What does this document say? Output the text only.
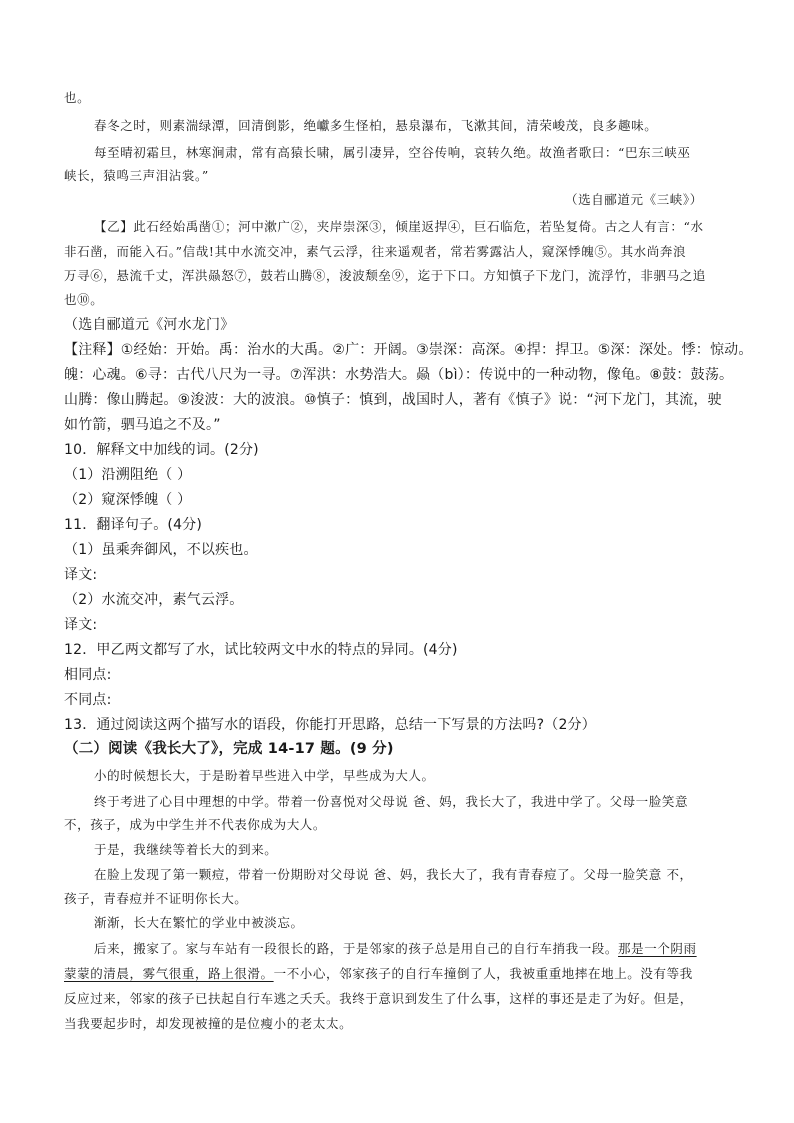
也。
春冬之时，则素湍绿潭，回清倒影，绝巘多生怪柏，悬泉瀑布，飞漱其间，清荣峻茂，良多趣味。
每至晴初霜旦，林寒涧肃，常有高猿长啸，属引凄异，空谷传响，哀转久绝。故渔者歌曰：“巴东三峡巫
峡长，猿鸣三声泪沾裳。”
（选自郦道元《三峡》）
【乙】此石经始禹凿①；河中漱广②，夹岸崇深③，倾崖返捍④，巨石临危，若坠复倚。古之人有言：“水
非石凿，而能入石。”信哉!其中水流交冲，素气云浮，往来遥观者，常若雾露沾人，窥深悸魄⑤。其水尚奔浪
万寻⑥，悬流千丈，浑洪赑怒⑦，鼓若山腾⑧，浚波颓垒⑨，迄于下口。方知慎子下龙门，流浮竹，非驷马之追
也⑩。
（选自郦道元《河水龙门》
【注释】①经始：开始。禹：治水的大禹。②广：开阔。③崇深：高深。④捍：捍卫。⑤深：深处。悸：惊动。
魄：心魂。⑥寻：古代八尺为一寻。⑦浑洪：水势浩大。赑（bì）：传说中的一种动物，像龟。⑧鼓：鼓荡。
山腾：像山腾起。⑨浚波：大的波浪。⑩慎子：慎到，战国时人，著有《慎子》说：“河下龙门，其流，驶
如竹箭，驷马追之不及。”
10．解释文中加线的词。(2分)
（1）沿溯阻绝（ ）
（2）窥深悸魄（ ）
11．翻译句子。(4分)
（1）虽乘奔御风，不以疾也。
译文:
（2）水流交冲，素气云浮。
译文:
12．甲乙两文都写了水，试比较两文中水的特点的异同。(4分)
相同点:
不同点:
13．通过阅读这两个描写水的语段，你能打开思路，总结一下写景的方法吗?（2分）
（二）阅读《我长大了》，完成 14-17 题。(9 分)
小的时候想长大，于是盼着早些进入中学，早些成为大人。
终于考进了心目中理想的中学。带着一份喜悦对父母说 爸、妈，我长大了，我进中学了。父母一脸笑意
不，孩子，成为中学生并不代表你成为大人。
于是，我继续等着长大的到来。
在脸上发现了第一颗痘，带着一份期盼对父母说 爸、妈，我长大了，我有青春痘了。父母一脸笑意 不，
孩子，青春痘并不证明你长大。
渐渐，长大在繁忙的学业中被淡忘。
后来，搬家了。家与车站有一段很长的路，于是邻家的孩子总是用自己的自行车捎我一段。那是一个阴雨
蒙蒙的清晨，雾气很重，路上很滑。一不小心，邻家孩子的自行车撞倒了人，我被重重地摔在地上。没有等我
反应过来，邻家的孩子已扶起自行车逃之夭夭。我终于意识到发生了什么事，这样的事还是走了为好。但是，
当我要起步时，却发现被撞的是位瘦小的老太太。
